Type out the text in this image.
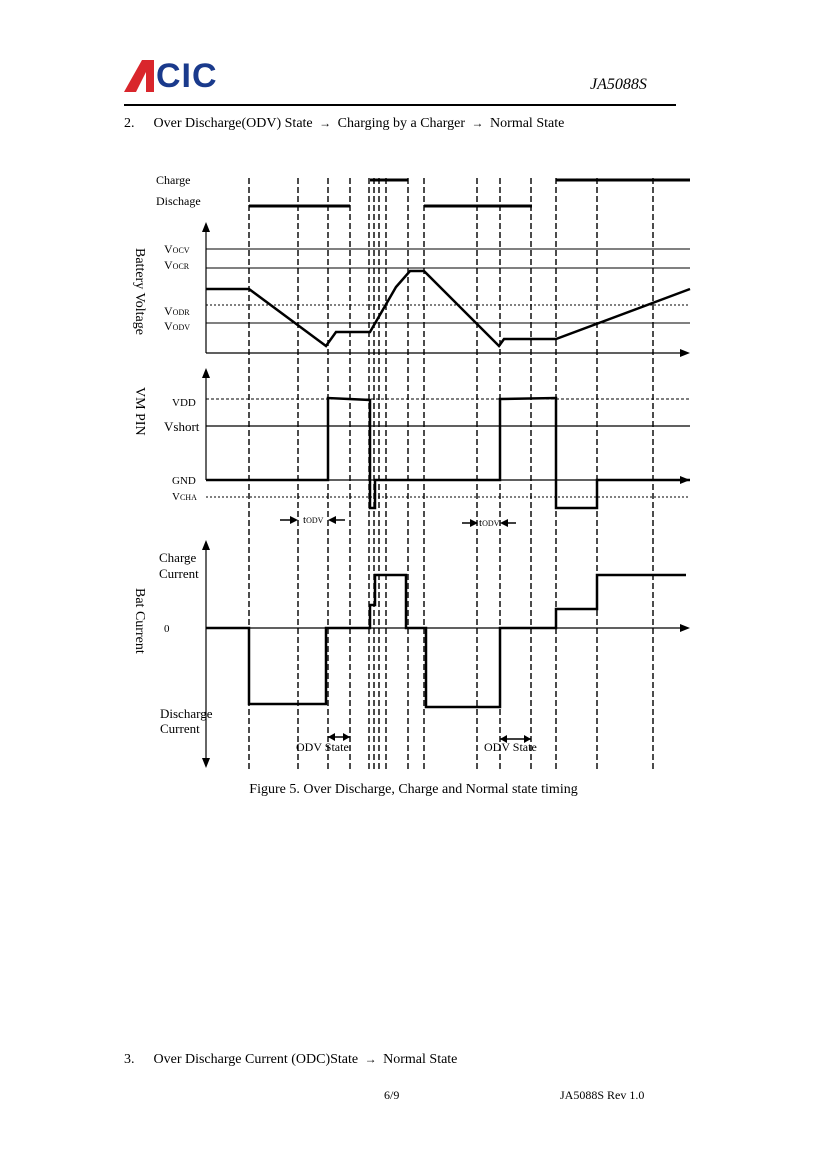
CIC	JA5088S
2. Over Discharge(ODV) State → Charging by a Charger → Normal State
Charge
Dischage
Battery Voltage VOCV
VOCR
VODR
VODV
VM PIN VDD
Vshort
GND
VCHA
tODV	tODV
Bat Current
Charge
Current
0
Discharge
Current
ODV State	ODV State
Figure 5. Over Discharge, Charge and Normal state timing
3. Over Discharge Current (ODC)State → Normal State
6/9	JA5088S Rev 1.0
